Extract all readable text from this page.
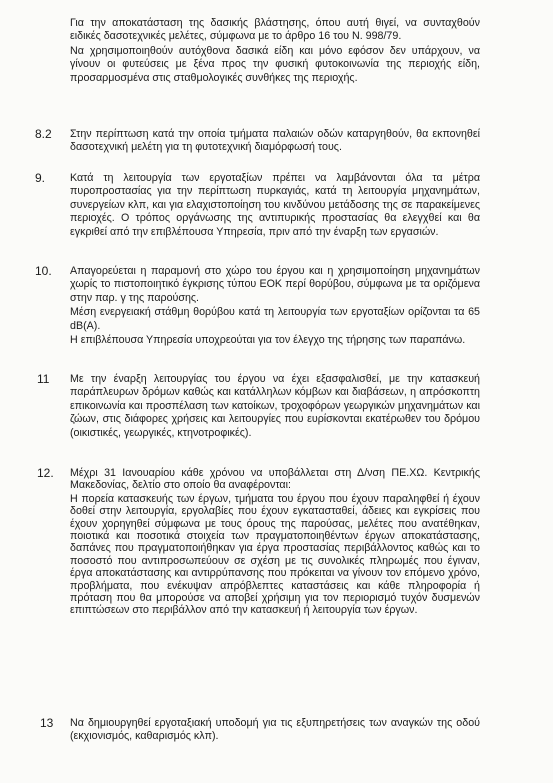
Για την αποκατάσταση της δασικής βλάστησης, όπου αυτή θιγεί, να συνταχθούν ειδικές δασοτεχνικές μελέτες, σύμφωνα με το άρθρο 16 του Ν. 998/79.

Να χρησιμοποιηθούν αυτόχθονα δασικά είδη και μόνο εφόσον δεν υπάρχουν, να γίνουν οι φυτεύσεις με ξένα προς την φυσική φυτοκοινωνία της περιοχής είδη, προσαρμοσμένα στις σταθμολογικές συνθήκες της περιοχής.

8.2 Στην περίπτωση κατά την οποία τμήματα παλαιών οδών καταργηθούν, θα εκπονηθεί δασοτεχνική μελέτη για τη φυτοτεχνική διαμόρφωσή τους.

9. Κατά τη λειτουργία των εργοταξίων πρέπει να λαμβάνονται όλα τα μέτρα πυροπροστασίας για την περίπτωση πυρκαγιάς, κατά τη λειτουργία μηχανημάτων, συνεργείων κλπ, και για ελαχιστοποίηση του κινδύνου μετάδοσης της σε παρακείμενες περιοχές. Ο τρόπος οργάνωσης της αντιπυρικής προστασίας θα ελεγχθεί και θα εγκριθεί από την επιβλέπουσα Υπηρεσία, πριν από την έναρξη των εργασιών.

10. Απαγορεύεται η παραμονή στο χώρο του έργου και η χρησιμοποίηση μηχανημάτων χωρίς το πιστοποιητικό έγκρισης τύπου ΕΟΚ περί θορύβου, σύμφωνα με τα οριζόμενα στην παρ. γ της παρούσης.

Μέση ενεργειακή στάθμη θορύβου κατά τη λειτουργία των εργοταξίων ορίζονται τα 65 dB(A).

Η επιβλέπουσα Υπηρεσία υποχρεούται για τον έλεγχο της τήρησης των παραπάνω.

11 Με την έναρξη λειτουργίας του έργου να έχει εξασφαλισθεί, με την κατασκευή παράπλευρων δρόμων καθώς και κατάλληλων κόμβων και διαβάσεων, η απρόσκοπτη επικοινωνία και προσπέλαση των κατοίκων, τροχοφόρων γεωργικών μηχανημάτων και ζώων, στις διάφορες χρήσεις και λειτουργίες που ευρίσκονται εκατέρωθεν του δρόμου (οικιστικές, γεωργικές, κτηνοτροφικές).

12. Μέχρι 31 Ιανουαρίου κάθε χρόνου να υποβάλλεται στη Δ/νση ΠΕ.ΧΩ. Κεντρικής Μακεδονίας, δελτίο στο οποίο θα αναφέρονται:

Η πορεία κατασκευής των έργων, τμήματα του έργου που έχουν παραληφθεί ή έχουν δοθεί στην λειτουργία, εργολαβίες που έχουν εγκατασταθεί, άδειες και εγκρίσεις που έχουν χορηγηθεί σύμφωνα με τους όρους της παρούσας, μελέτες που ανατέθηκαν, ποιοτικά και ποσοτικά στοιχεία των πραγματοποιηθέντων έργων αποκατάστασης, δαπάνες που πραγματοποιήθηκαν για έργα προστασίας περιβάλλοντος καθώς και το ποσοστό που αντιπροσωπεύουν σε σχέση με τις συνολικές πληρωμές που έγιναν, έργα αποκατάστασης και αντιρρύπανσης που πρόκειται να γίνουν τον επόμενο χρόνο, προβλήματα, που ενέκυψαν απρόβλεπτες καταστάσεις και κάθε πληροφορία ή πρόταση που θα μπορούσε να αποβεί χρήσιμη για τον περιορισμό τυχόν δυσμενών επιπτώσεων στο περιβάλλον από την κατασκευή ή λειτουργία των έργων.

13 Να δημιουργηθεί εργοταξιακή υποδομή για τις εξυπηρετήσεις των αναγκών της οδού (εκχιονισμός, καθαρισμός κλπ).
